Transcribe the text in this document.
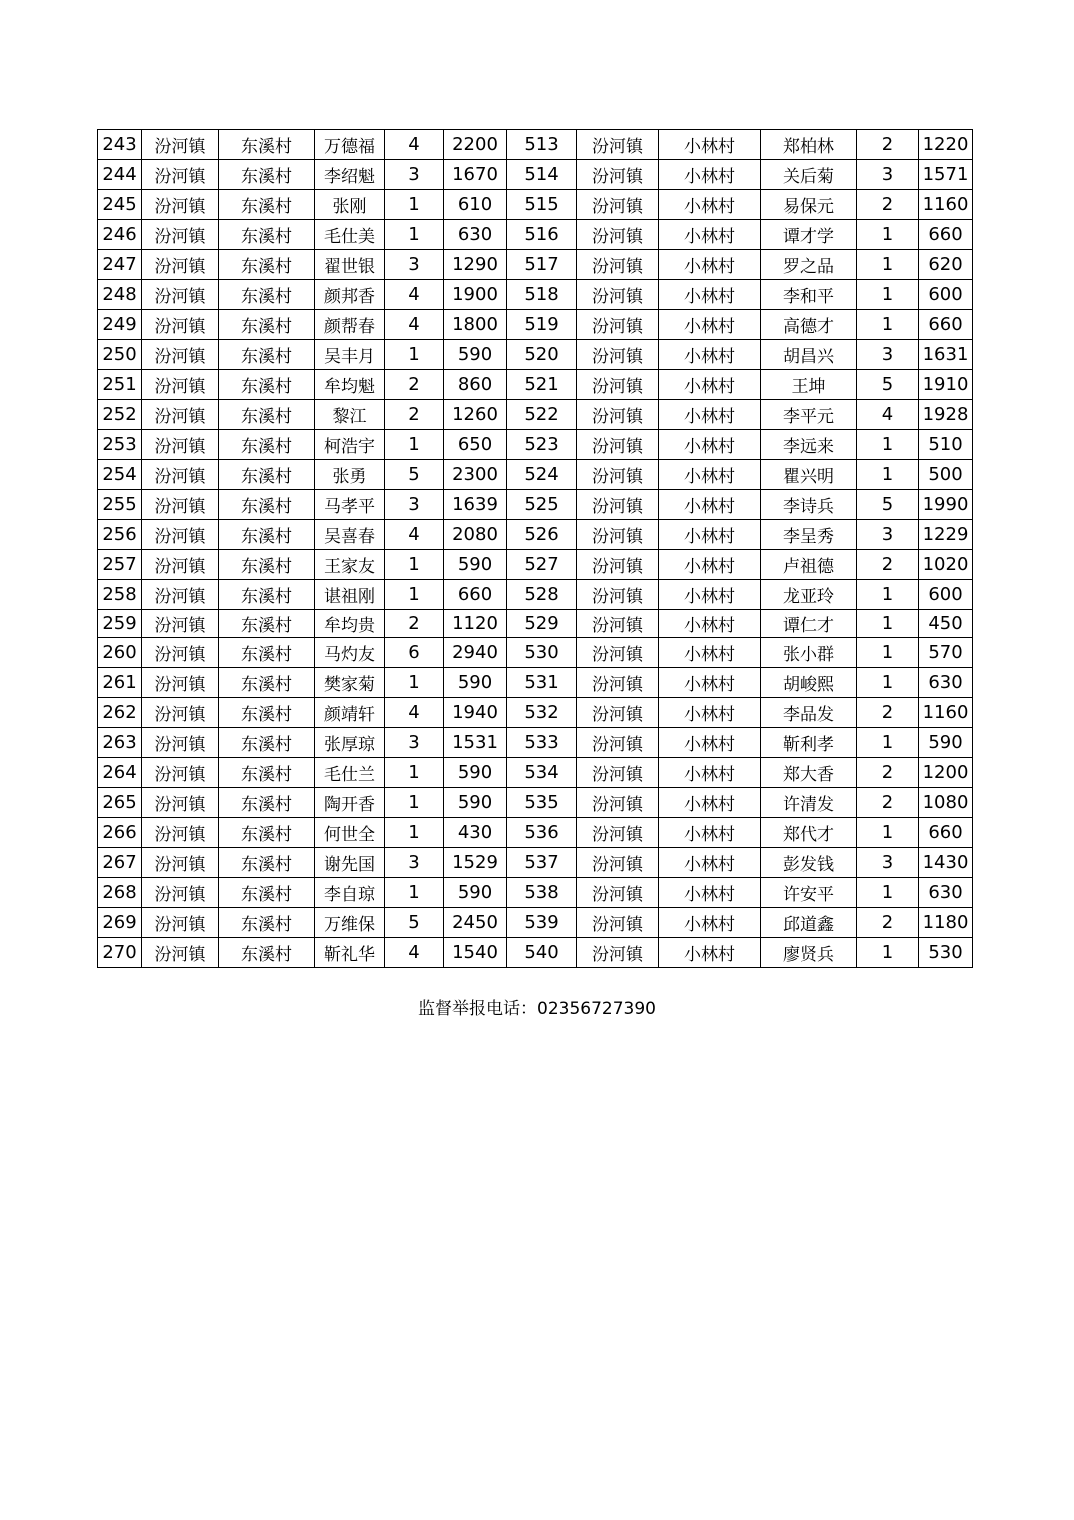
243	汾河镇	东溪村	万德福	4	2200	513	汾河镇	小林村	郑柏林	2	1220
244	汾河镇	东溪村	李绍魁	3	1670	514	汾河镇	小林村	关后菊	3	1571
245	汾河镇	东溪村	张刚	1	610	515	汾河镇	小林村	易保元	2	1160
246	汾河镇	东溪村	毛仕美	1	630	516	汾河镇	小林村	谭才学	1	660
247	汾河镇	东溪村	翟世银	3	1290	517	汾河镇	小林村	罗之品	1	620
248	汾河镇	东溪村	颜邦香	4	1900	518	汾河镇	小林村	李和平	1	600
249	汾河镇	东溪村	颜帮春	4	1800	519	汾河镇	小林村	高德才	1	660
250	汾河镇	东溪村	吴丰月	1	590	520	汾河镇	小林村	胡昌兴	3	1631
251	汾河镇	东溪村	牟均魁	2	860	521	汾河镇	小林村	王坤	5	1910
252	汾河镇	东溪村	黎江	2	1260	522	汾河镇	小林村	李平元	4	1928
253	汾河镇	东溪村	柯浩宇	1	650	523	汾河镇	小林村	李远来	1	510
254	汾河镇	东溪村	张勇	5	2300	524	汾河镇	小林村	瞿兴明	1	500
255	汾河镇	东溪村	马孝平	3	1639	525	汾河镇	小林村	李诗兵	5	1990
256	汾河镇	东溪村	吴喜春	4	2080	526	汾河镇	小林村	李呈秀	3	1229
257	汾河镇	东溪村	王家友	1	590	527	汾河镇	小林村	卢祖德	2	1020
258	汾河镇	东溪村	谌祖刚	1	660	528	汾河镇	小林村	龙亚玲	1	600
259	汾河镇	东溪村	牟均贵	2	1120	529	汾河镇	小林村	谭仁才	1	450
260	汾河镇	东溪村	马灼友	6	2940	530	汾河镇	小林村	张小群	1	570
261	汾河镇	东溪村	樊家菊	1	590	531	汾河镇	小林村	胡峻熙	1	630
262	汾河镇	东溪村	颜靖轩	4	1940	532	汾河镇	小林村	李品发	2	1160
263	汾河镇	东溪村	张厚琼	3	1531	533	汾河镇	小林村	靳利孝	1	590
264	汾河镇	东溪村	毛仕兰	1	590	534	汾河镇	小林村	郑大香	2	1200
265	汾河镇	东溪村	陶开香	1	590	535	汾河镇	小林村	许清发	2	1080
266	汾河镇	东溪村	何世全	1	430	536	汾河镇	小林村	郑代才	1	660
267	汾河镇	东溪村	谢先国	3	1529	537	汾河镇	小林村	彭发钱	3	1430
268	汾河镇	东溪村	李自琼	1	590	538	汾河镇	小林村	许安平	1	630
269	汾河镇	东溪村	万维保	5	2450	539	汾河镇	小林村	邱道鑫	2	1180
270	汾河镇	东溪村	靳礼华	4	1540	540	汾河镇	小林村	廖贤兵	1	530
监督举报电话：02356727390
